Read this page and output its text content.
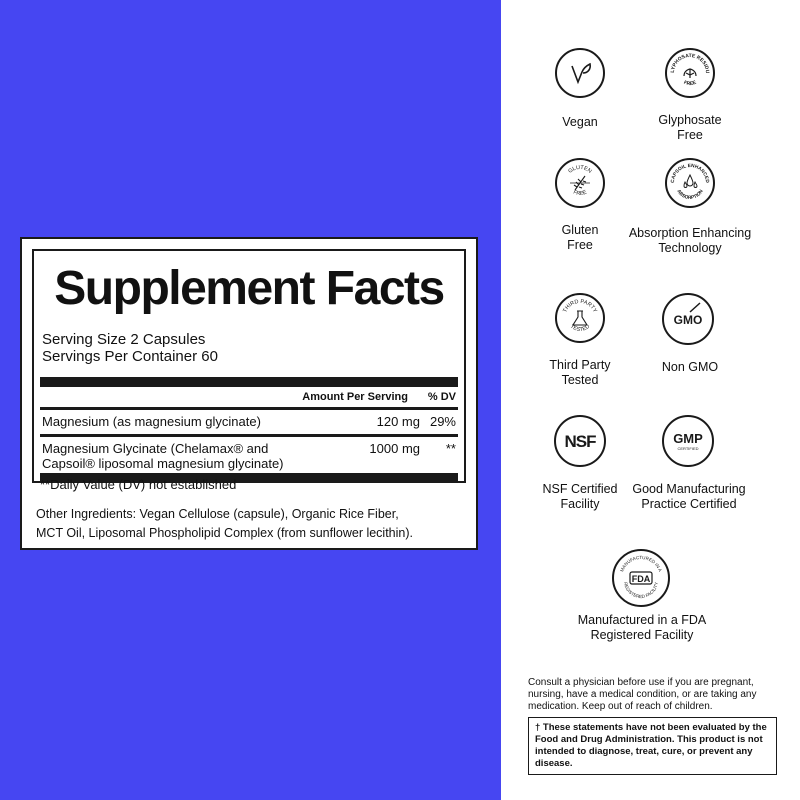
Supplement Facts
Serving Size 2 Capsules
Servings Per Container 60
Amount Per Serving % DV
Magnesium (as magnesium glycinate)	120 mg 29%
Magnesium Glycinate (Chelamax® and
Capsoil® liposomal magnesium glycinate)
1000 mg **
**Daily Value (DV) not established
Other Ingredients: Vegan Cellulose (capsule), Organic Rice Fiber,
MCT Oil, Liposomal Phospholipid Complex (from sunflower lecithin).
Vegan
LYPHOSATE RESIDU
FREE
Glyphosate
Free
GLUTEN
FREE
Gluten
Free
CAPSOIL ENHANCED
ABSORPTION
Absorption Enhancing
Technology
THIRD PARTY
TESTED
Third Party
Tested
GMO
Non GMO
NSF
NSF Certified
Facility
GMP
CERTIFIED
Good Manufacturing
Practice Certified
MANUFACTURED IN A
REGISTERED FACILITY
FDA
Manufactured in a FDA
Registered Facility
Consult a physician before use if you are pregnant, nursing, have a medical condition, or are taking any medication. Keep out of reach of children.
† These statements have not been evaluated by the Food and Drug Administration. This product is not intended to diagnose, treat, cure, or prevent any disease.
